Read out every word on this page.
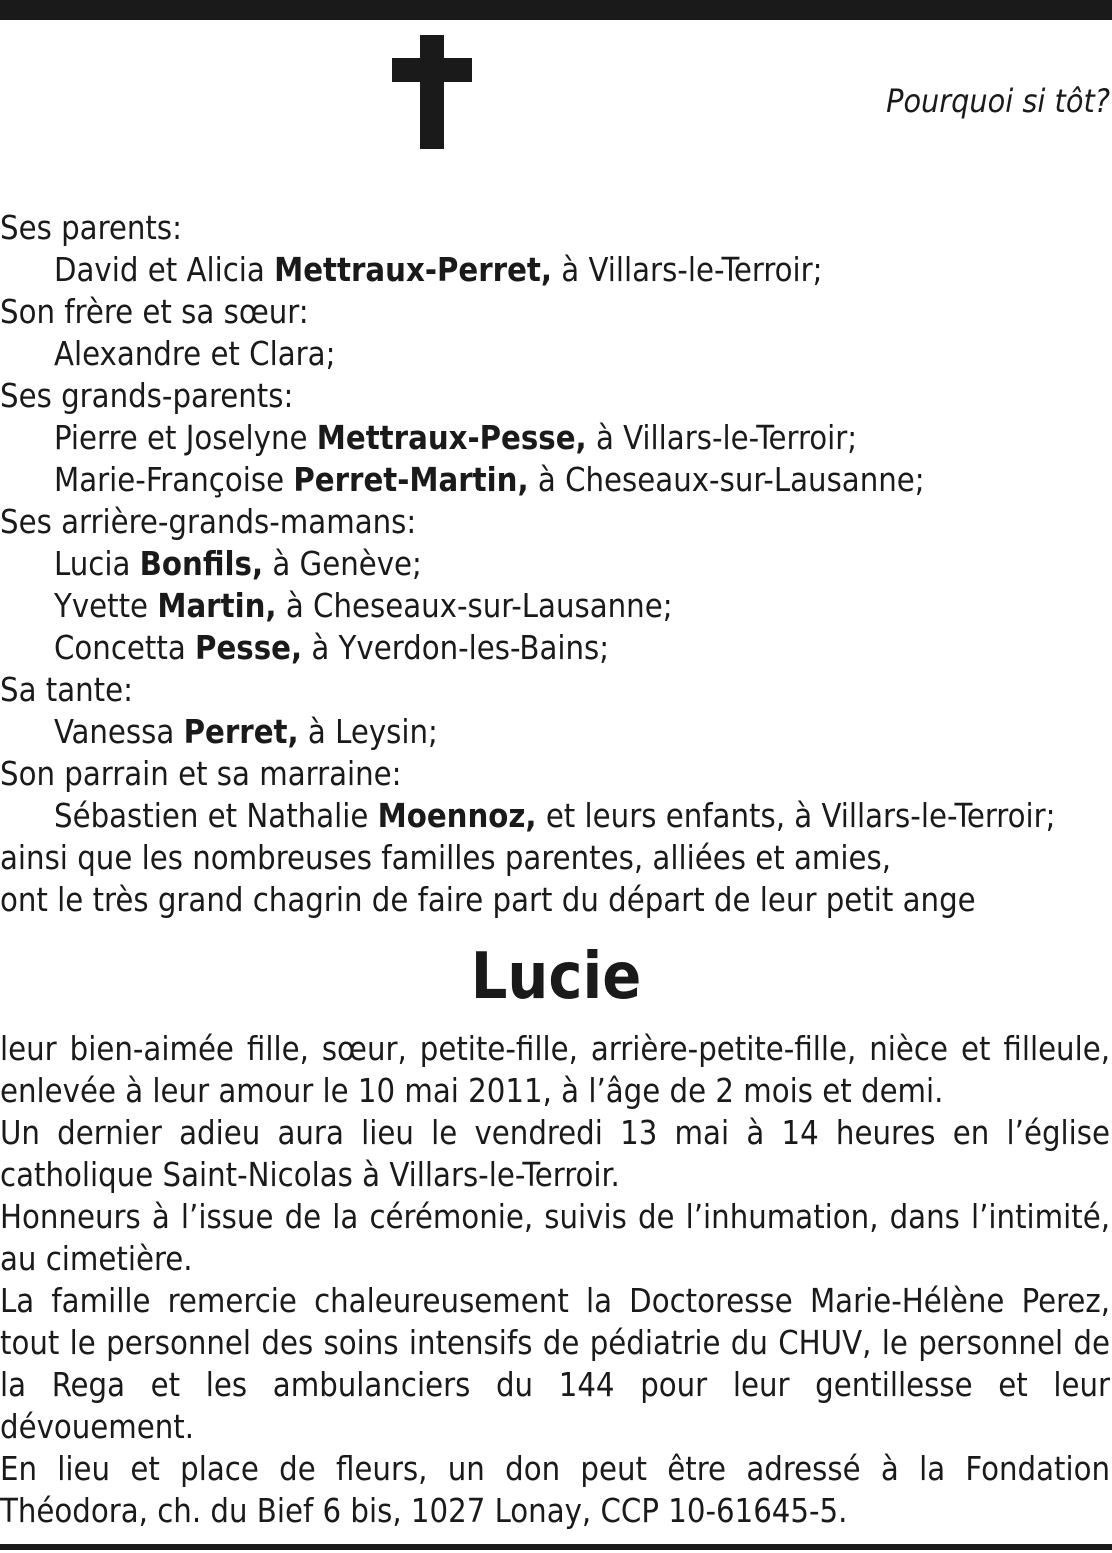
Pourquoi si tôt?
Ses parents:
David et Alicia Mettraux-Perret, à Villars-le-Terroir;
Son frère et sa sœur:
Alexandre et Clara;
Ses grands-parents:
Pierre et Joselyne Mettraux-Pesse, à Villars-le-Terroir;
Marie-Françoise Perret-Martin, à Cheseaux-sur-Lausanne;
Ses arrière-grands-mamans:
Lucia Bonfils, à Genève;
Yvette Martin, à Cheseaux-sur-Lausanne;
Concetta Pesse, à Yverdon-les-Bains;
Sa tante:
Vanessa Perret, à Leysin;
Son parrain et sa marraine:
Sébastien et Nathalie Moennoz, et leurs enfants, à Villars-le-Terroir;
ainsi que les nombreuses familles parentes, alliées et amies,
ont le très grand chagrin de faire part du départ de leur petit ange
Lucie

leur bien-aimée fille, sœur, petite-fille, arrière-petite-fille, nièce et filleule, enlevée à leur amour le 10 mai 2011, à l’âge de 2 mois et demi.

Un dernier adieu aura lieu le vendredi 13 mai à 14 heures en l’église catholique Saint-Nicolas à Villars-le-Terroir.

Honneurs à l’issue de la cérémonie, suivis de l’inhumation, dans l’intimité, au cimetière.

La famille remercie chaleureusement la Doctoresse Marie-Hélène Perez, tout le personnel des soins intensifs de pédiatrie du CHUV, le personnel de la Rega et les ambulanciers du 144 pour leur gentillesse et leur dévouement.

En lieu et place de fleurs, un don peut être adressé à la Fondation Théodora, ch. du Bief 6 bis, 1027 Lonay, CCP 10-61645-5.
